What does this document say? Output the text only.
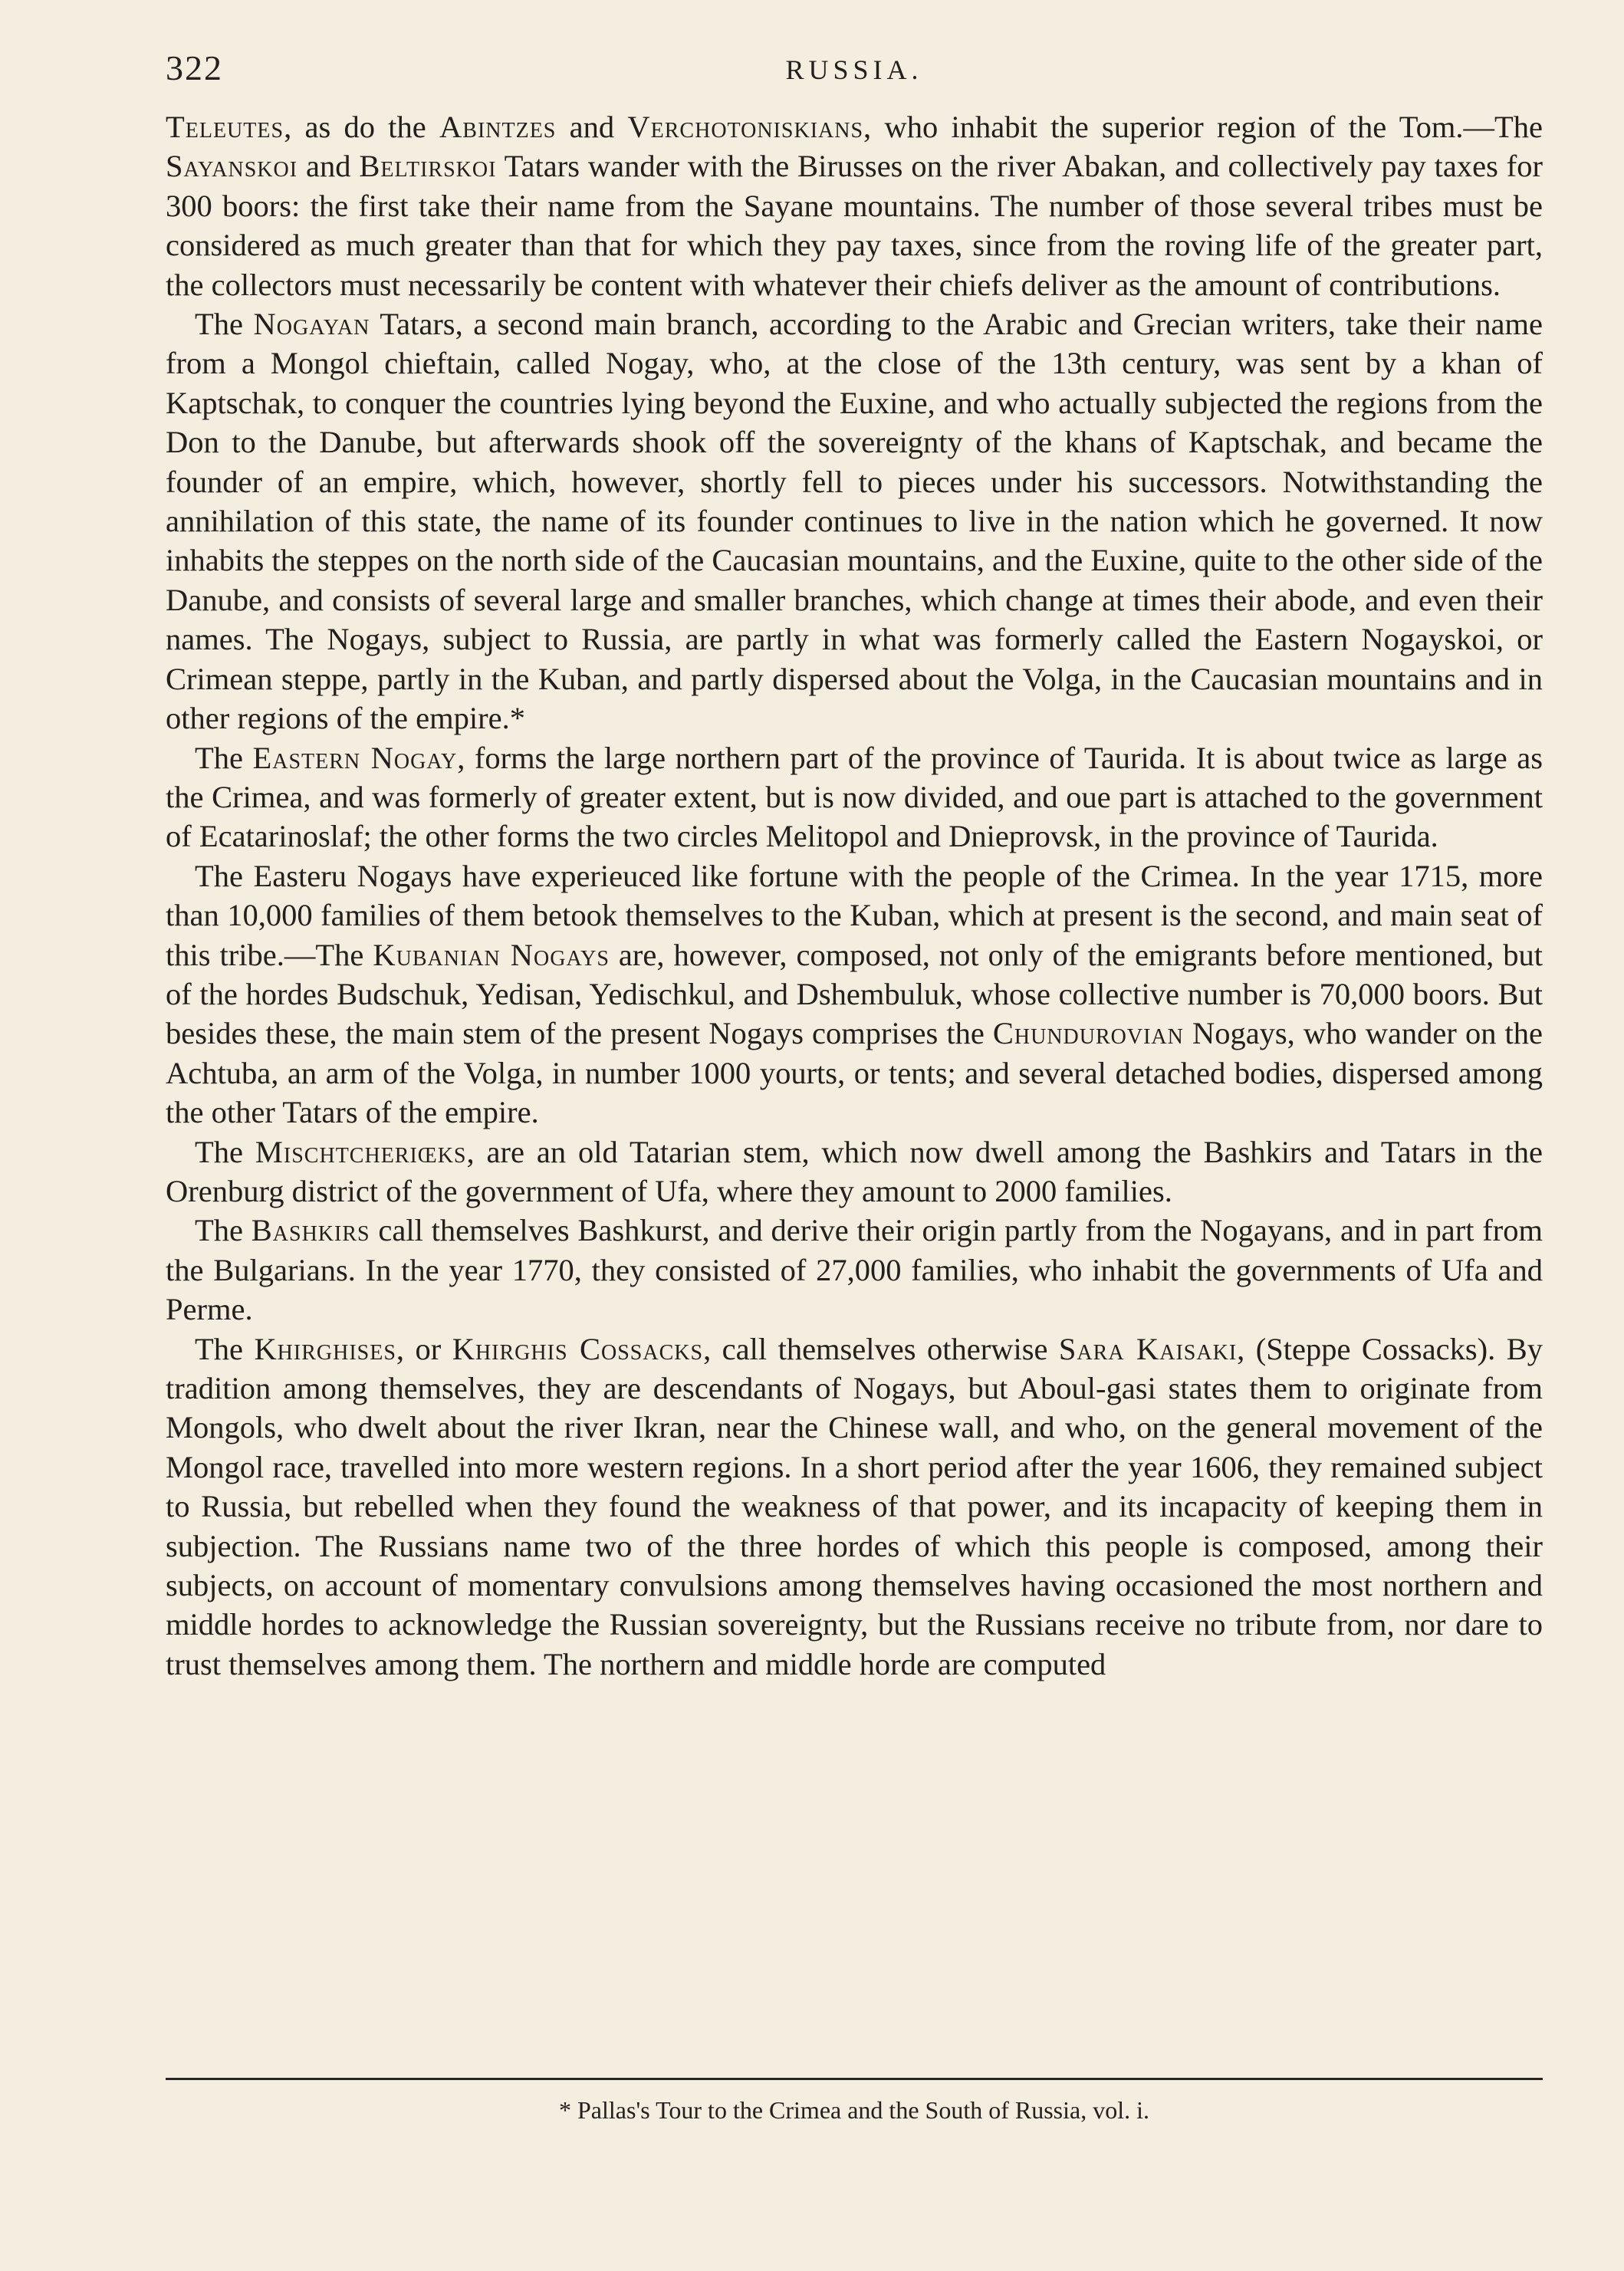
322	RUSSIA.

Teleutes, as do the Abintzes and Verchotoniskians, who inhabit the superior region of the Tom.—The Sayanskoi and Beltirskoi Tatars wander with the Birusses on the river Abakan, and collectively pay taxes for 300 boors: the first take their name from the Sayane mountains. The number of those several tribes must be considered as much greater than that for which they pay taxes, since from the roving life of the greater part, the collectors must necessarily be content with whatever their chiefs deliver as the amount of contributions.

The Nogayan Tatars, a second main branch, according to the Arabic and Grecian writers, take their name from a Mongol chieftain, called Nogay, who, at the close of the 13th century, was sent by a khan of Kaptschak, to conquer the countries lying beyond the Euxine, and who actually subjected the regions from the Don to the Danube, but afterwards shook off the sovereignty of the khans of Kaptschak, and became the founder of an empire, which, however, shortly fell to pieces under his successors. Notwithstanding the annihilation of this state, the name of its founder continues to live in the nation which he governed. It now inhabits the steppes on the north side of the Caucasian mountains, and the Euxine, quite to the other side of the Danube, and consists of several large and smaller branches, which change at times their abode, and even their names. The Nogays, subject to Russia, are partly in what was formerly called the Eastern Nogayskoi, or Crimean steppe, partly in the Kuban, and partly dispersed about the Volga, in the Caucasian mountains and in other regions of the empire.*

The Eastern Nogay, forms the large northern part of the province of Taurida. It is about twice as large as the Crimea, and was formerly of greater extent, but is now divided, and oue part is attached to the government of Ecatarinoslaf; the other forms the two circles Melitopol and Dnieprovsk, in the province of Taurida.

The Easteru Nogays have experieuced like fortune with the people of the Crimea. In the year 1715, more than 10,000 families of them betook themselves to the Kuban, which at present is the second, and main seat of this tribe.—The Kubanian Nogays are, however, composed, not only of the emigrants before mentioned, but of the hordes Budschuk, Yedisan, Yedischkul, and Dshembuluk, whose collective number is 70,000 boors. But besides these, the main stem of the present Nogays comprises the Chundurovian Nogays, who wander on the Achtuba, an arm of the Volga, in number 1000 yourts, or tents; and several detached bodies, dispersed among the other Tatars of the empire.

The Mischtcheriœks, are an old Tatarian stem, which now dwell among the Bashkirs and Tatars in the Orenburg district of the government of Ufa, where they amount to 2000 families.

The Bashkirs call themselves Bashkurst, and derive their origin partly from the Nogayans, and in part from the Bulgarians. In the year 1770, they consisted of 27,000 families, who inhabit the governments of Ufa and Perme.

The Khirghises, or Khirghis Cossacks, call themselves otherwise Sara Kaisaki, (Steppe Cossacks). By tradition among themselves, they are descendants of Nogays, but Aboul-gasi states them to originate from Mongols, who dwelt about the river Ikran, near the Chinese wall, and who, on the general movement of the Mongol race, travelled into more western regions. In a short period after the year 1606, they remained subject to Russia, but rebelled when they found the weakness of that power, and its incapacity of keeping them in subjection. The Russians name two of the three hordes of which this people is composed, among their subjects, on account of momentary convulsions among themselves having occasioned the most northern and middle hordes to acknowledge the Russian sovereignty, but the Russians receive no tribute from, nor dare to trust themselves among them. The northern and middle horde are computed

* Pallas's Tour to the Crimea and the South of Russia, vol. i.
